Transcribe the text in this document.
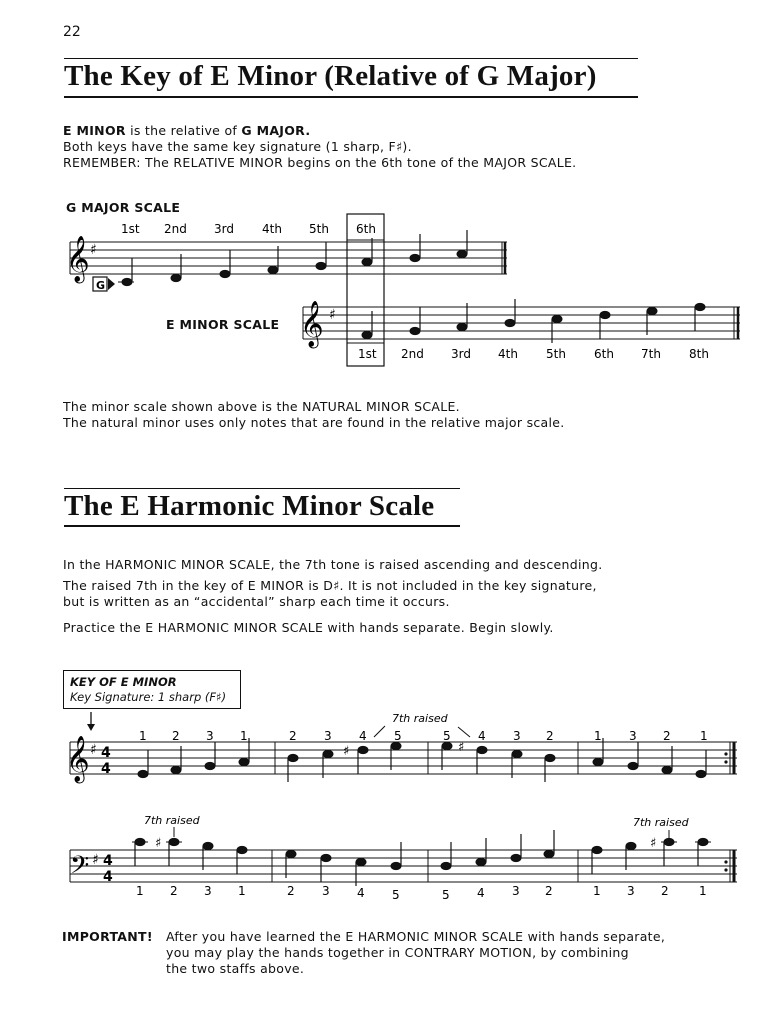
22
The Key of E Minor (Relative of G Major)

E MINOR is the relative of G MAJOR.

Both keys have the same key signature (1 sharp, F♯).

REMEMBER: The RELATIVE MINOR begins on the 6th tone of the MAJOR SCALE.

G MAJOR SCALE
𝄞 ♯
G
1st 2nd 3rd 4th 5th 6th
𝄞 ♯
1st 2nd 3rd 4th 5th 6th 7th 8th
E MINOR SCALE

The minor scale shown above is the NATURAL MINOR SCALE.

The natural minor uses only notes that are found in the relative major scale.

The E Harmonic Minor Scale

In the HARMONIC MINOR SCALE, the 7th tone is raised ascending and descending.

The raised 7th in the key of E MINOR is D♯. It is not included in the key signature,

but is written as an “accidental” sharp each time it occurs.

Practice the E HARMONIC MINOR SCALE with hands separate. Begin slowly.

KEY OF E MINOR
Key Signature: 1 sharp (F♯)
𝄞 ♯ 4
4
7th raised
♯	♯
1 2 3 1	2 3 4 5	5 4 3 2	1 3 2 1
7th raised	7th raised
𝄢 ♯ 4
4
♯	♯
1 2 3 1	2 3 4 5	5 4 3 2	1 3 2	1
IMPORTANT! After you have learned the E HARMONIC MINOR SCALE with hands separate,

you may play the hands together in CONTRARY MOTION, by combining

the two staffs above.
